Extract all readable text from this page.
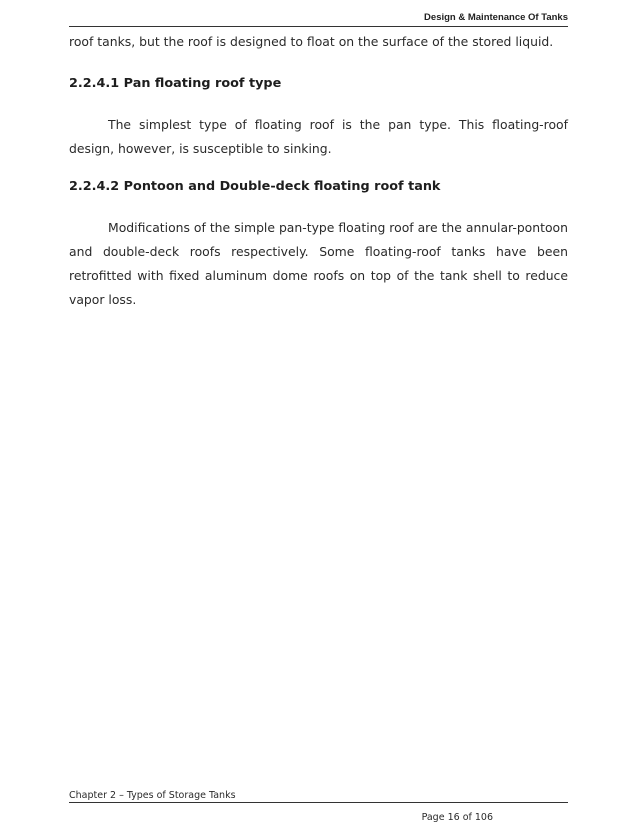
Design & Maintenance Of Tanks

roof tanks, but the roof is designed to float on the surface of the stored liquid.

2.2.4.1 Pan floating roof type

The simplest type of floating roof is the pan type. This floating-roof design, however, is susceptible to sinking.

2.2.4.2 Pontoon and Double-deck floating roof tank

Modifications of the simple pan-type floating roof are the annular-pontoon and double-deck roofs respectively. Some floating-roof tanks have been retrofitted with fixed aluminum dome roofs on top of the tank shell to reduce vapor loss.

Chapter 2 – Types of Storage Tanks
Page 16 of 106
